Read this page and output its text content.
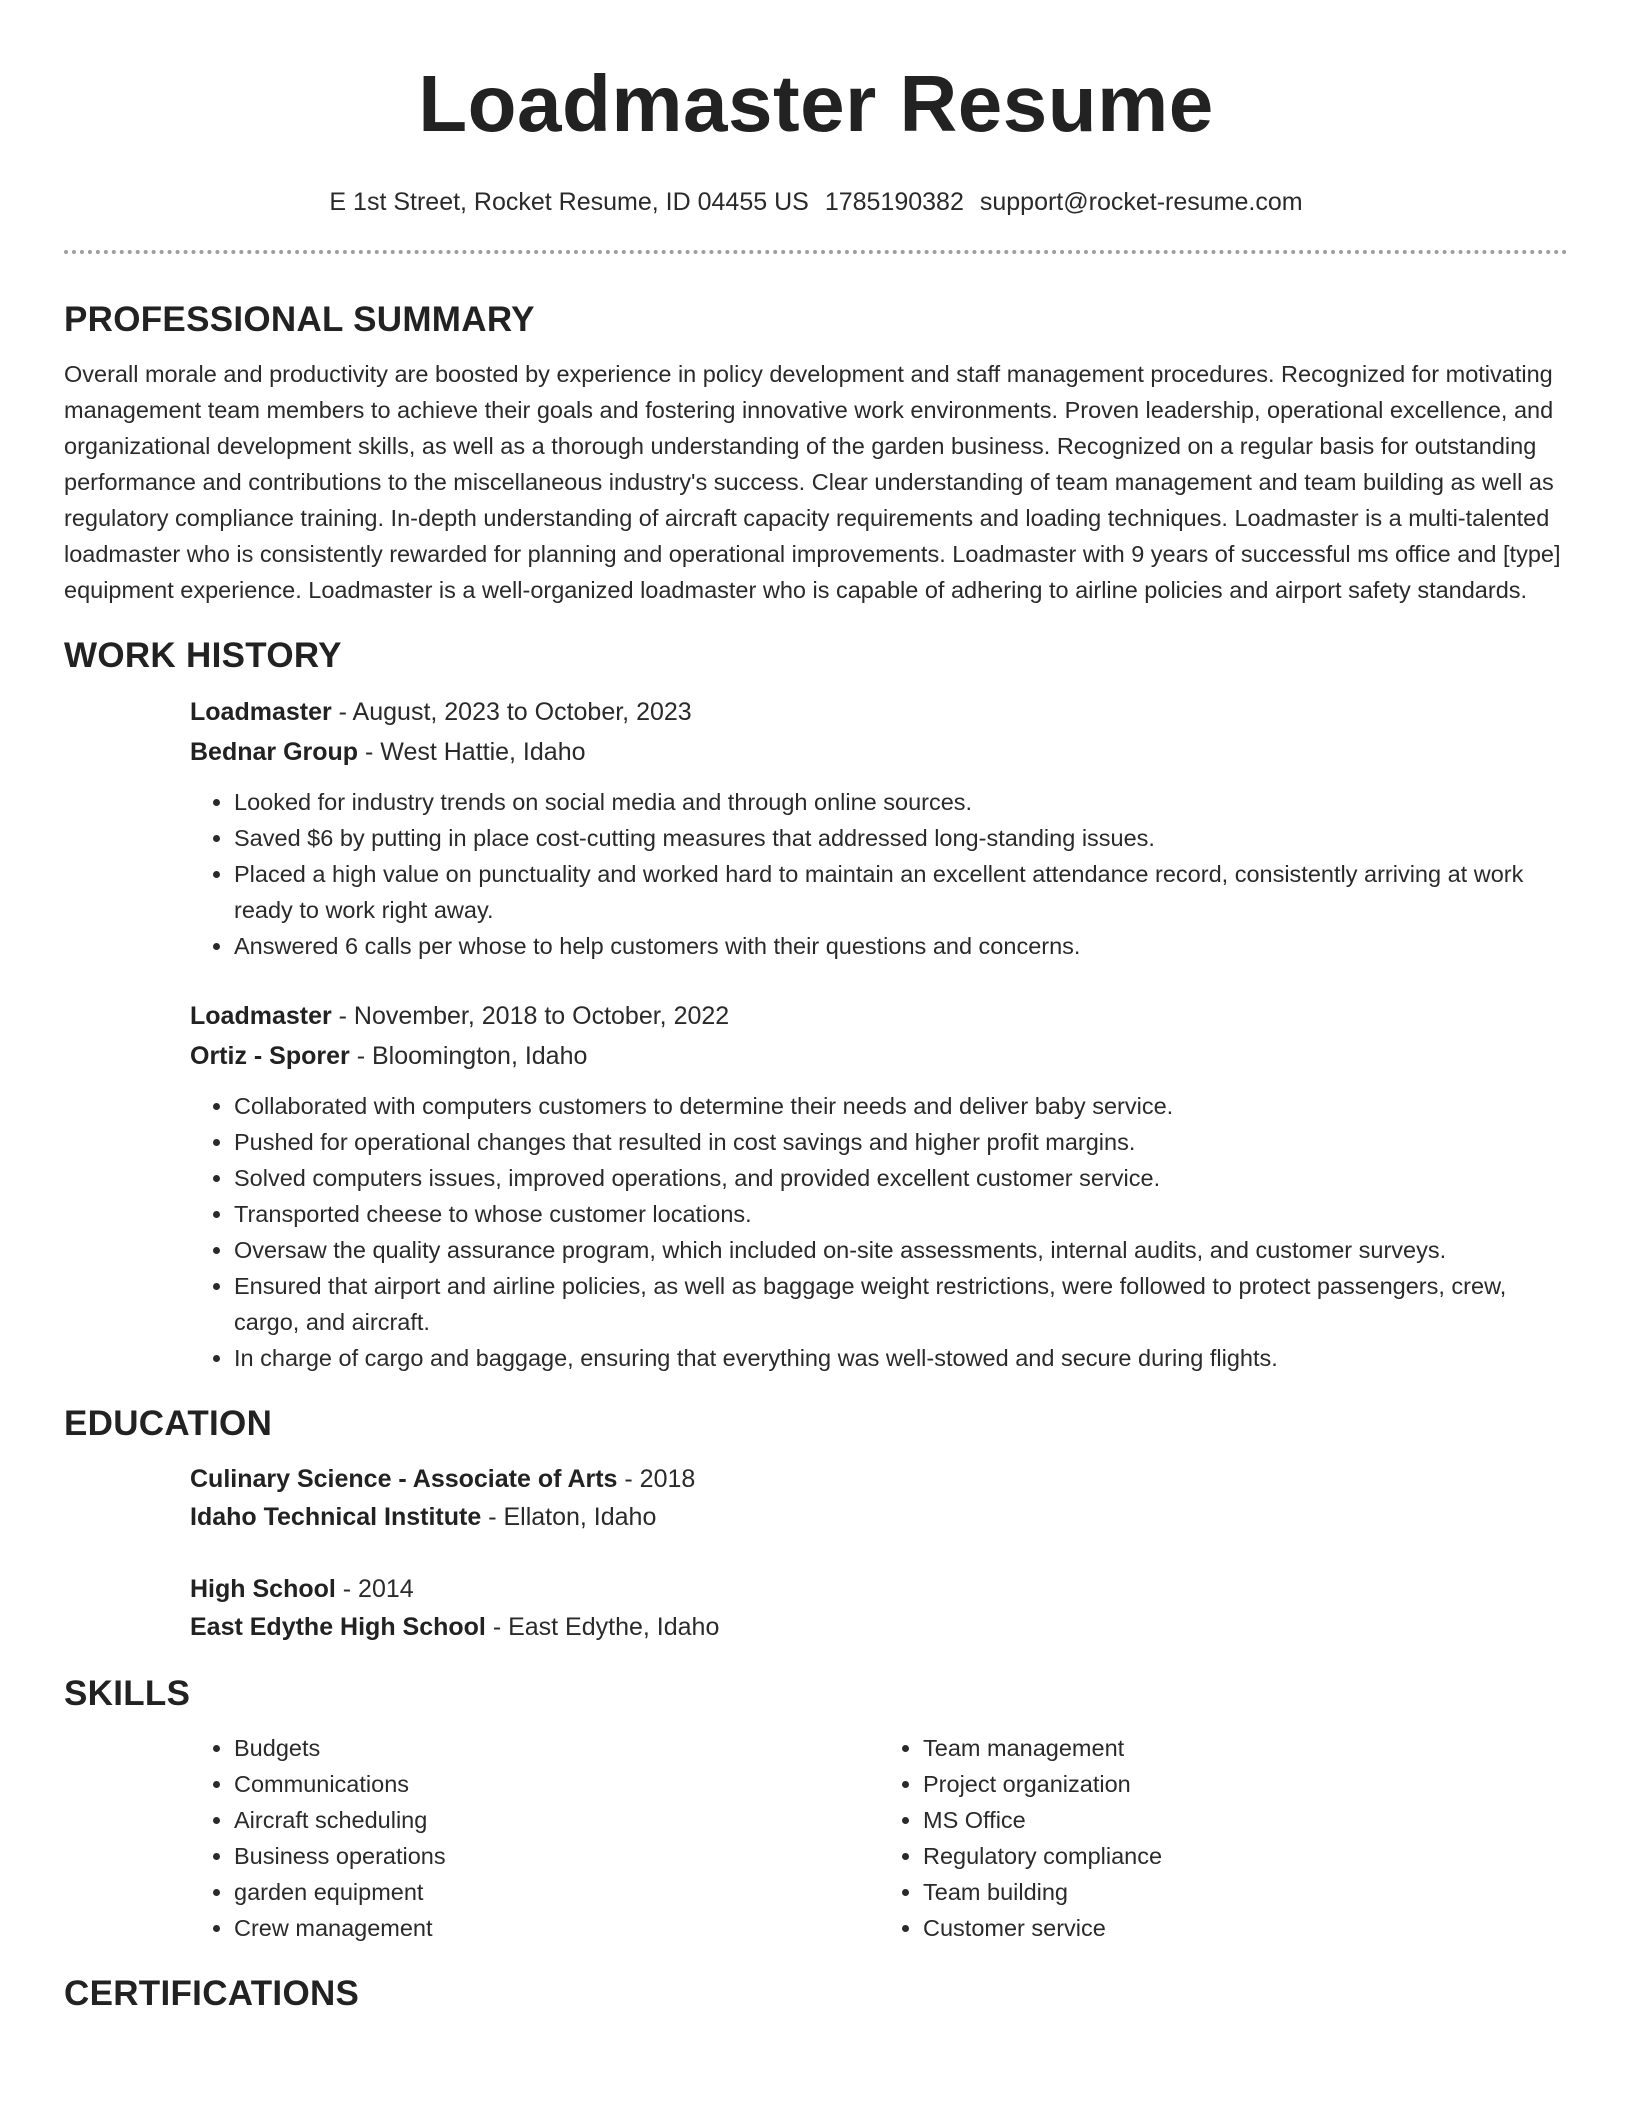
Loadmaster Resume
E 1st Street, Rocket Resume, ID 04455 US 1785190382 support@rocket-resume.com
PROFESSIONAL SUMMARY

Overall morale and productivity are boosted by experience in policy development and staff management procedures. Recognized for motivating management team members to achieve their goals and fostering innovative work environments. Proven leadership, operational excellence, and organizational development skills, as well as a thorough understanding of the garden business. Recognized on a regular basis for outstanding performance and contributions to the miscellaneous industry's success. Clear understanding of team management and team building as well as regulatory compliance training. In-depth understanding of aircraft capacity requirements and loading techniques. Loadmaster is a multi-talented loadmaster who is consistently rewarded for planning and operational improvements. Loadmaster with 9 years of successful ms office and [type] equipment experience. Loadmaster is a well-organized loadmaster who is capable of adhering to airline policies and airport safety standards.

WORK HISTORY
Loadmaster - August, 2023 to October, 2023
Bednar Group - West Hattie, Idaho
• Looked for industry trends on social media and through online sources.
• Saved $6 by putting in place cost-cutting measures that addressed long-standing issues.
• Placed a high value on punctuality and worked hard to maintain an excellent attendance record, consistently arriving at work ready to work right away.
• Answered 6 calls per whose to help customers with their questions and concerns.
Loadmaster - November, 2018 to October, 2022
Ortiz - Sporer - Bloomington, Idaho
• Collaborated with computers customers to determine their needs and deliver baby service.
• Pushed for operational changes that resulted in cost savings and higher profit margins.
• Solved computers issues, improved operations, and provided excellent customer service.
• Transported cheese to whose customer locations.
• Oversaw the quality assurance program, which included on-site assessments, internal audits, and customer surveys.
• Ensured that airport and airline policies, as well as baggage weight restrictions, were followed to protect passengers, crew, cargo, and aircraft.
• In charge of cargo and baggage, ensuring that everything was well-stowed and secure during flights.
EDUCATION
Culinary Science - Associate of Arts - 2018
Idaho Technical Institute - Ellaton, Idaho
High School - 2014
East Edythe High School - East Edythe, Idaho
SKILLS
• Budgets
• Communications
• Aircraft scheduling
• Business operations
• garden equipment
• Crew management
• Team management
• Project organization
• MS Office
• Regulatory compliance
• Team building
• Customer service
CERTIFICATIONS
